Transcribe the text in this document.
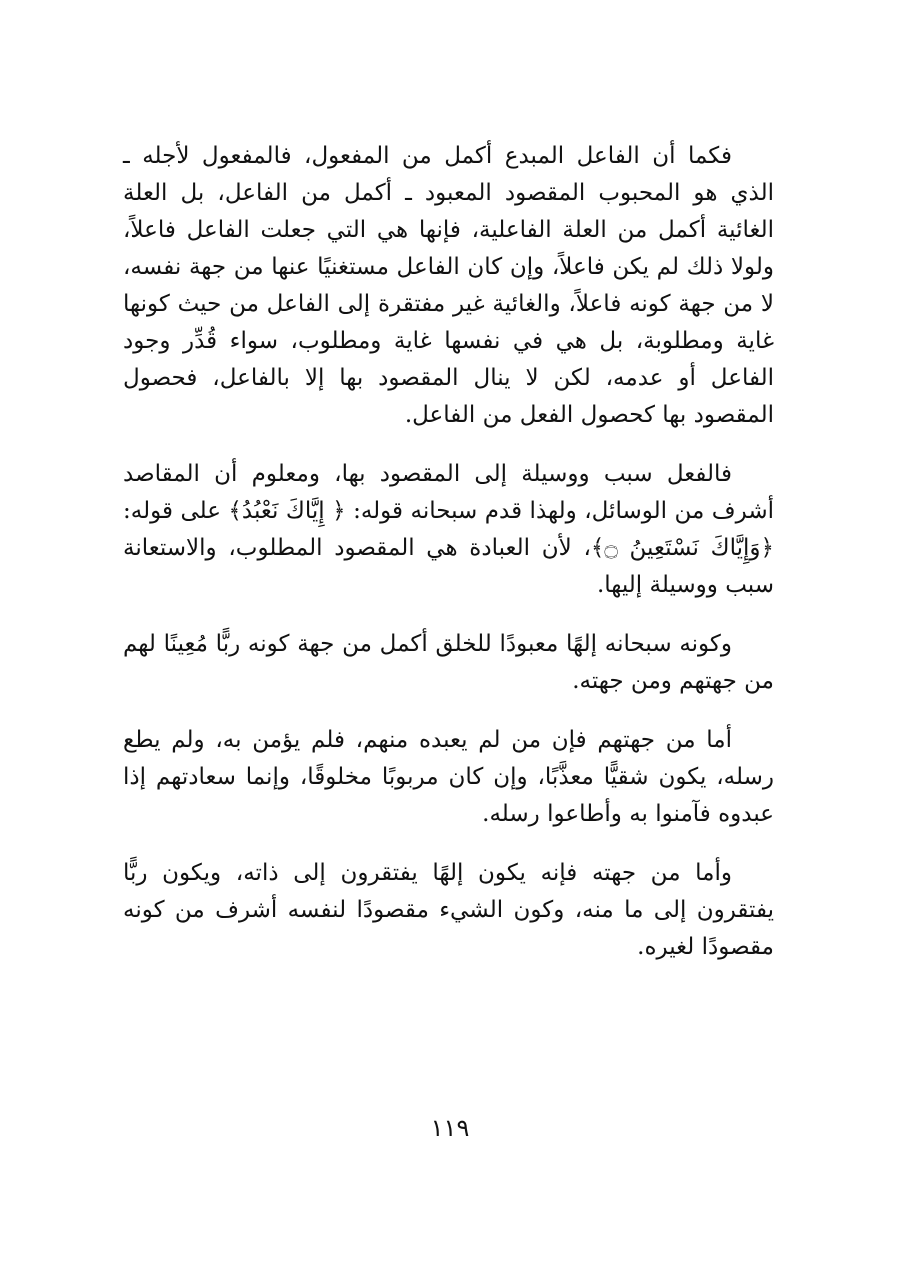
فكما أن الفاعل المبدع أكمل من المفعول، فالمفعول لأجله ـ الذي هو المحبوب المقصود المعبود ـ أكمل من الفاعل، بل العلة الغائية أكمل من العلة الفاعلية، فإنها هي التي جعلت الفاعل فاعلاً، ولولا ذلك لم يكن فاعلاً، وإن كان الفاعل مستغنيًا عنها من جهة نفسه، لا من جهة كونه فاعلاً، والغائية غير مفتقرة إلى الفاعل من حيث كونها غاية ومطلوبة، بل هي في نفسها غاية ومطلوب، سواء قُدِّر وجود الفاعل أو عدمه، لكن لا ينال المقصود بها إلا بالفاعل، فحصول المقصود بها كحصول الفعل من الفاعل.

فالفعل سبب ووسيلة إلى المقصود بها، ومعلوم أن المقاصد أشرف من الوسائل، ولهذا قدم سبحانه قوله: ﴿ إِيَّاكَ نَعْبُدُ﴾ على قوله: ﴿وَإِيَّاكَ نَسْتَعِينُ ۝﴾، لأن العبادة هي المقصود المطلوب، والاستعانة سبب ووسيلة إليها.

وكونه سبحانه إلهًا معبودًا للخلق أكمل من جهة كونه ربًّا مُعِينًا لهم من جهتهم ومن جهته.

أما من جهتهم فإن من لم يعبده منهم، فلم يؤمن به، ولم يطع رسله، يكون شقيًّا معذَّبًا، وإن كان مربوبًا مخلوقًا، وإنما سعادتهم إذا عبدوه فآمنوا به وأطاعوا رسله.

وأما من جهته فإنه يكون إلهًا يفتقرون إلى ذاته، ويكون ربًّا يفتقرون إلى ما منه، وكون الشيء مقصودًا لنفسه أشرف من كونه مقصودًا لغيره.

١١٩
